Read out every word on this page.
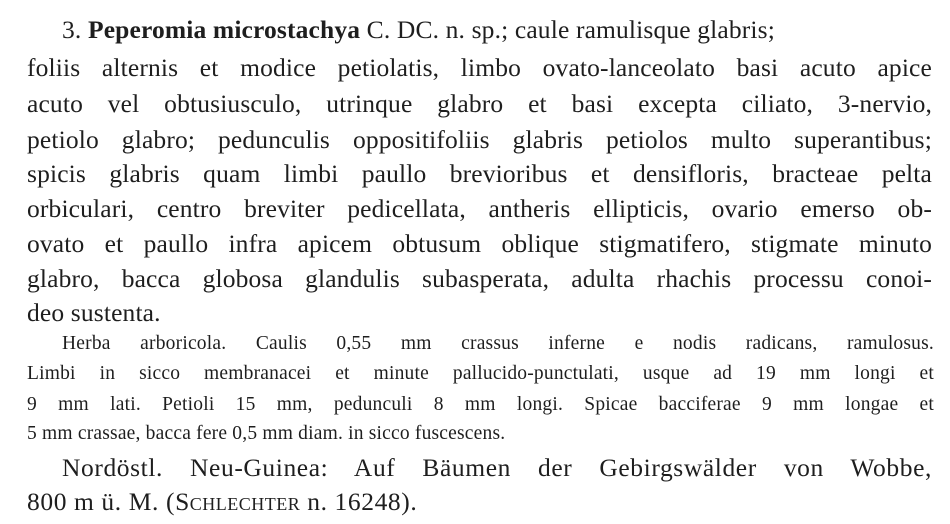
3. Peperomia microstachya C. DC. n. sp.; caule ramulisque glabris;
foliis alternis et modice petiolatis, limbo ovato-lanceolato basi acuto apice
acuto vel obtusiusculo, utrinque glabro et basi excepta ciliato, 3-nervio,
petiolo glabro; pedunculis oppositifoliis glabris petiolos multo superantibus;
spicis glabris quam limbi paullo brevioribus et densifloris, bracteae pelta
orbiculari, centro breviter pedicellata, antheris ellipticis, ovario emerso ob-
ovato et paullo infra apicem obtusum oblique stigmatifero, stigmate minuto
glabro, bacca globosa glandulis subasperata, adulta rhachis processu conoi-
deo sustenta.
Herba arboricola. Caulis 0,55 mm crassus inferne e nodis radicans, ramulosus.
Limbi in sicco membranacei et minute pallucido-punctulati, usque ad 19 mm longi et
9 mm lati. Petioli 15 mm, pedunculi 8 mm longi. Spicae bacciferae 9 mm longae et
5 mm crassae, bacca fere 0,5 mm diam. in sicco fuscescens.
Nordöstl. Neu-Guinea: Auf Bäumen der Gebirgswälder von Wobbe,
800 m ü. M. (Schlechter n. 16248).
